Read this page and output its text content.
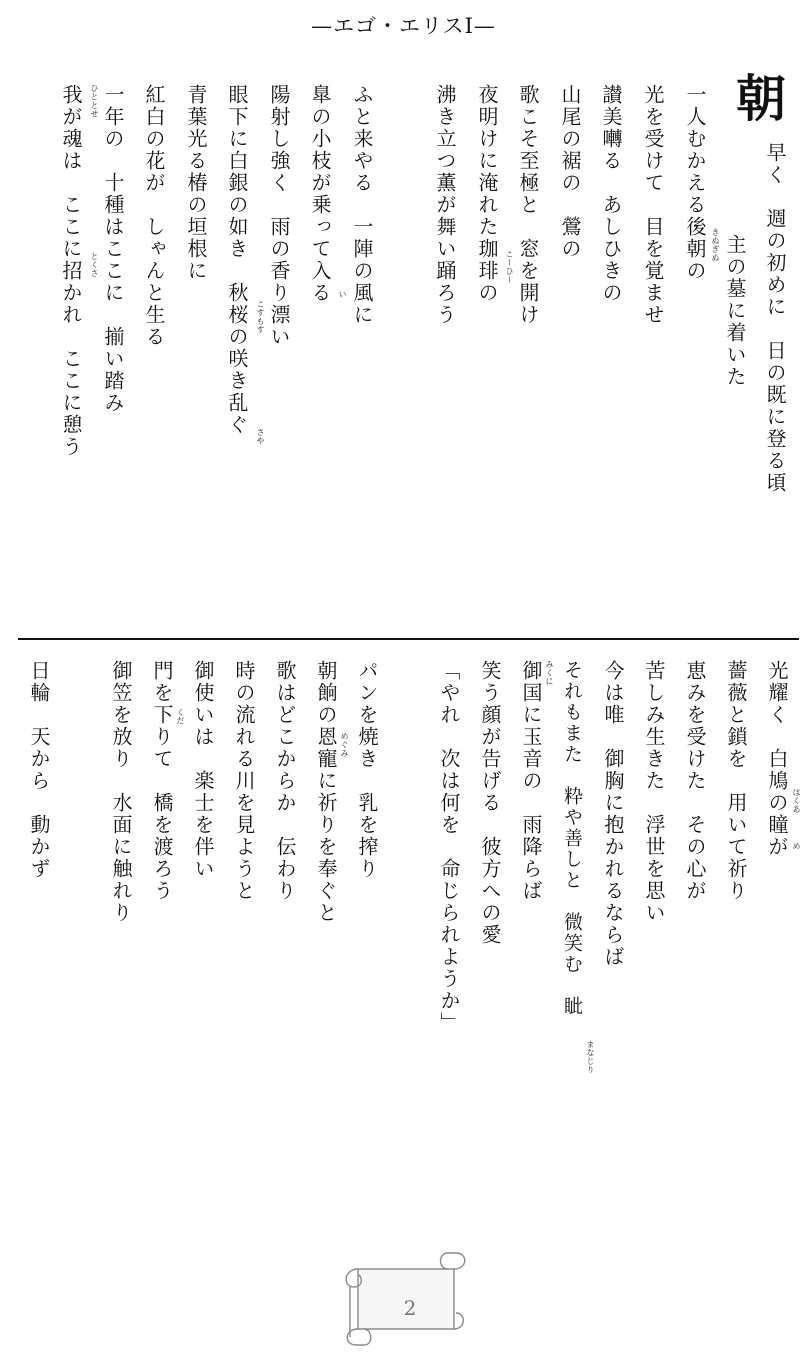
—エゴ・エリスⅠ—
朝
早く　週の初めに　日の既に登る頃
　　主の墓に着いた
一人むかえる後朝の
光を受けて　目を覚ませ
讃美囀る　あしひきの
山尾の裾の　鶯の
歌こそ至極と　窓を開け
夜明けに淹れた珈琲の
沸き立つ薫が舞い踊ろう
ふと来やる　一陣の風に
臯の小枝が乗って入る
陽射し強く　雨の香り漂い
眼下に白銀の如き　秋桜の咲き乱ぐ
青葉光る椿の垣根に
紅白の花が　しゃんと生る
一年の　十種はここに　揃い踏み
我が魂は　ここに招かれ　ここに憩う	きぬぎぬ
こーひー
い
こすもす
さや
ひととせ
とくさ
光耀く　白鳩の瞳が
薔薇と鎖を　用いて祈り
恵みを受けた　その心が
苦しみ生きた　浮世を思い
今は唯　御胸に抱かれるならば
それもまた　粋や善しと　微笑む　眦
御国に玉音の　雨降らば
笑う顔が告げる　彼方への愛
「やれ　次は何を　命じられようか」
パンを焼き　乳を搾り
朝餉の恩寵に祈りを奉ぐと
歌はどこからか　伝わり
時の流れる川を見ようと
御使いは　楽士を伴い
門を下りて　橋を渡ろう
御笠を放り　水面に触れり
日輪　天から　動かず	はくあ
め
まなじり
みくに
めぐみ
くだ
2
